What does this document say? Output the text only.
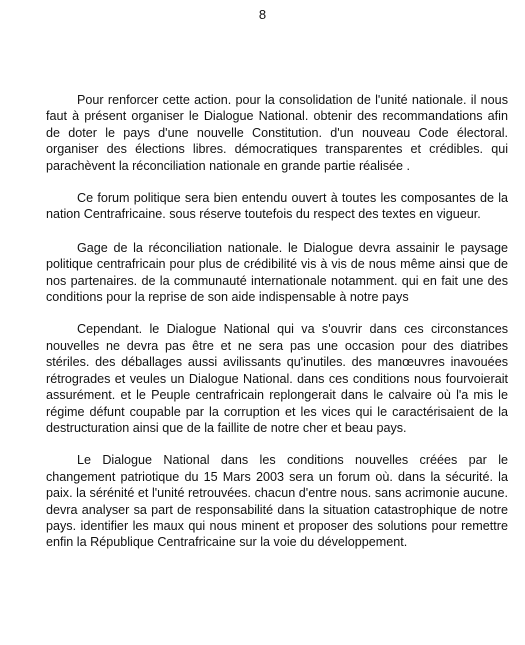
8

Pour renforcer cette action. pour la consolidation de l'unité nationale. il nous faut à présent organiser le Dialogue National. obtenir des recommandations afin de doter le pays d'une nouvelle Constitution. d'un nouveau Code électoral. organiser des élections libres. démocratiques transparentes et crédibles. qui parachèvent la réconciliation nationale en grande partie réalisée .

Ce forum politique sera bien entendu ouvert à toutes les composantes de la nation Centrafricaine. sous réserve toutefois du respect des textes en vigueur.

Gage de la réconciliation nationale. le Dialogue devra assainir le paysage politique centrafricain pour plus de crédibilité vis à vis de nous même ainsi que de nos partenaires. de la communauté internationale notamment. qui en fait une des conditions pour la reprise de son aide indispensable à notre pays

Cependant. le Dialogue National qui va s'ouvrir dans ces circonstances nouvelles ne devra pas être et ne sera pas une occasion pour des diatribes stériles. des déballages aussi avilissants qu'inutiles. des manœuvres inavouées rétrogrades et veules un Dialogue National. dans ces conditions nous fourvoierait assurément. et le Peuple centrafricain replongerait dans le calvaire où l'a mis le régime défunt coupable par la corruption et les vices qui le caractérisaient de la destructuration ainsi que de la faillite de notre cher et beau pays.

Le Dialogue National dans les conditions nouvelles créées par le changement patriotique du 15 Mars 2003 sera un forum où. dans la sécurité. la paix. la sérénité et l'unité retrouvées. chacun d'entre nous. sans acrimonie aucune. devra analyser sa part de responsabilité dans la situation catastrophique de notre pays. identifier les maux qui nous minent et proposer des solutions pour remettre enfin la République Centrafricaine sur la voie du développement.
